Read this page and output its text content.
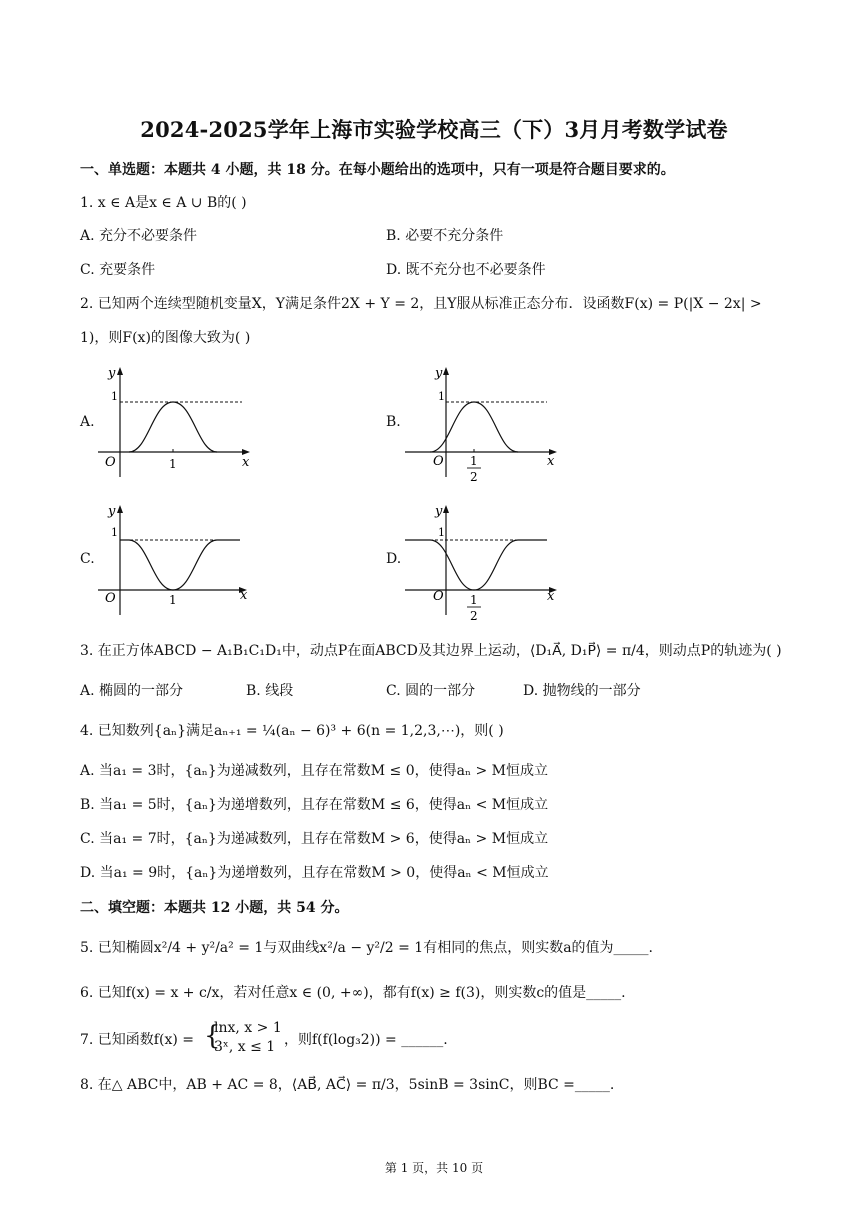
2024-2025学年上海市实验学校高三（下）3月月考数学试卷
一、单选题：本题共 4 小题，共 18 分。在每小题给出的选项中，只有一项是符合题目要求的。
1. x ∈ A是x ∈ A ∪ B的( )
A. 充分不必要条件	B. 必要不充分条件
C. 充要条件	D. 既不充分也不必要条件
2. 已知两个连续型随机变量X，Y满足条件2X + Y = 2，且Y服从标准正态分布．设函数F(x) = P(|X − 2x| >
1)，则F(x)的图像大致为( )
A.	B.
C.	D.
y
1
O	1	x
y
1
O 1
2
x
y
1
O	1	x
y
1
O 1
2
x
3. 在正方体ABCD − A₁B₁C₁D₁中，动点P在面ABCD及其边界上运动，⟨D₁A⃗, D₁P⃗⟩ = π/4，则动点P的轨迹为( )
A. 椭圆的一部分	B. 线段	C. 圆的一部分	D. 抛物线的一部分
4. 已知数列{aₙ}满足aₙ₊₁ = ¼(aₙ − 6)³ + 6(n = 1,2,3,⋯)，则( )
A. 当a₁ = 3时，{aₙ}为递减数列，且存在常数M ≤ 0，使得aₙ > M恒成立
B. 当a₁ = 5时，{aₙ}为递增数列，且存在常数M ≤ 6，使得aₙ < M恒成立
C. 当a₁ = 7时，{aₙ}为递减数列，且存在常数M > 6，使得aₙ > M恒成立
D. 当a₁ = 9时，{aₙ}为递增数列，且存在常数M > 0，使得aₙ < M恒成立
二、填空题：本题共 12 小题，共 54 分。
5. 已知椭圆x²/4 + y²/a² = 1与双曲线x²/a − y²/2 = 1有相同的焦点，则实数a的值为_____.
6. 已知f(x) = x + c/x，若对任意x ∈ (0, +∞)，都有f(x) ≥ f(3)，则实数c的值是_____.
7. 已知函数f(x) = {
lnx, x > 1
3ˣ, x ≤ 1 ，则f(f(log₃2)) = ______.
8. 在△ ABC中，AB + AC = 8，⟨AB⃗, AC⃗⟩ = π/3，5sinB = 3sinC，则BC =_____.
第 1 页，共 10 页
